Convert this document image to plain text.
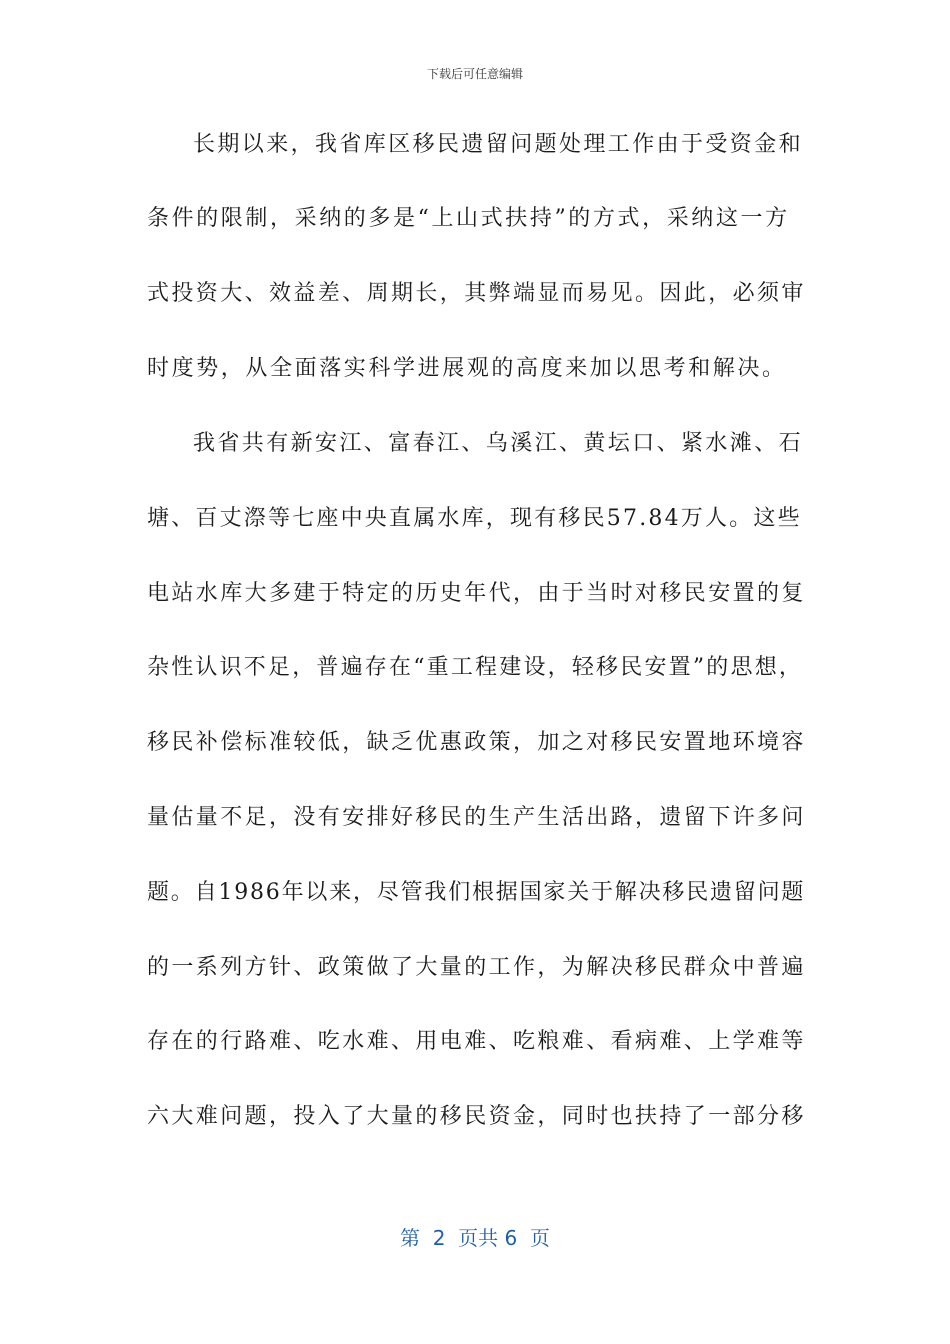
下载后可任意编辑
长期以来，我省库区移民遗留问题处理工作由于受资金和
条件的限制，采纳的多是“上山式扶持”的方式，采纳这一方
式投资大、效益差、周期长，其弊端显而易见。因此，必须审
时度势，从全面落实科学进展观的高度来加以思考和解决。
我省共有新安江、富春江、乌溪江、黄坛口、紧水滩、石
塘、百丈漈等七座中央直属水库，现有移民57.84万人。这些
电站水库大多建于特定的历史年代，由于当时对移民安置的复
杂性认识不足，普遍存在“重工程建设，轻移民安置”的思想，
移民补偿标准较低，缺乏优惠政策，加之对移民安置地环境容
量估量不足，没有安排好移民的生产生活出路，遗留下许多问
题。自1986年以来，尽管我们根据国家关于解决移民遗留问题
的一系列方针、政策做了大量的工作，为解决移民群众中普遍
存在的行路难、吃水难、用电难、吃粮难、看病难、上学难等
六大难问题，投入了大量的移民资金，同时也扶持了一部分移
第  2  页共 6  页
